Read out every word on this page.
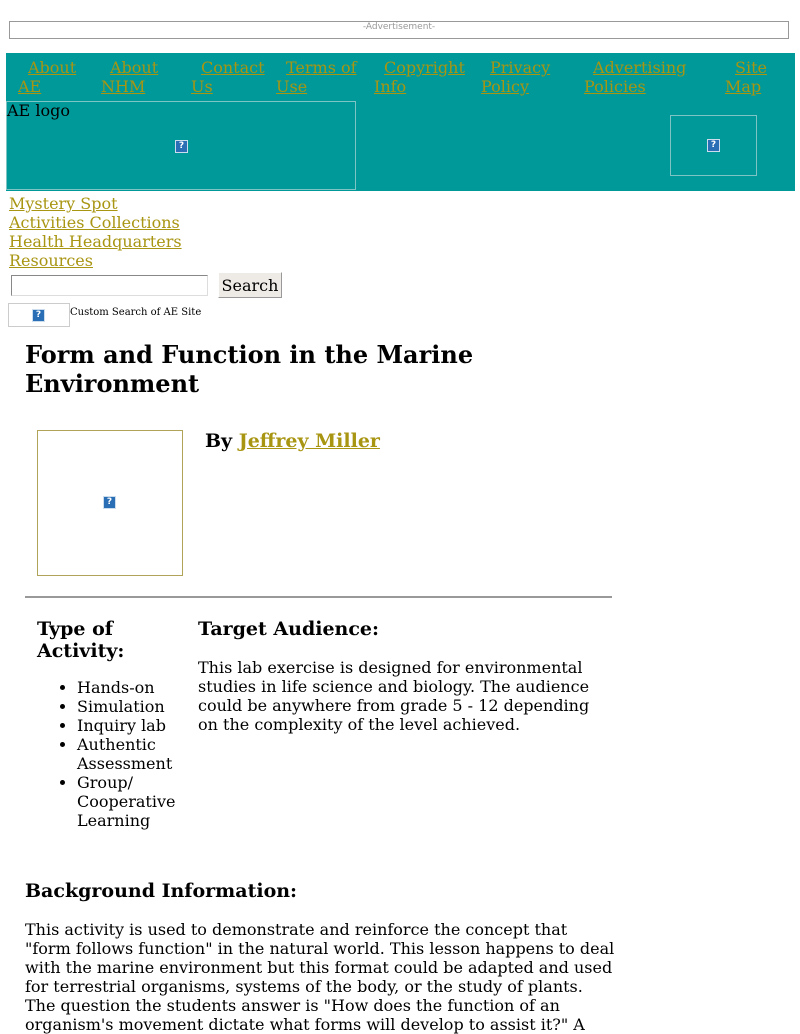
-Advertisement-
About
AE
About
NHM
Contact
Us
Terms of
Use
Copyright
Info
Privacy
Policy
Advertising
Policies
Site
Map
AE logo
?	?
Mystery Spot
Activities Collections
Health Headquarters
Resources
Search
?	Custom Search of AE Site
Form and Function in the Marine Environment
?
By Jeffrey Miller
Type of Activity:
• Hands-on
• Simulation
• Inquiry lab
• Authentic Assessment
• Group/ Cooperative Learning
Target Audience:

This lab exercise is designed for environmental studies in life science and biology. The audience could be anywhere from grade 5 - 12 depending on the complexity of the level achieved.

Background Information:

This activity is used to demonstrate and reinforce the concept that "form follows function" in the natural world. This lesson happens to deal with the marine environment but this format could be adapted and used for terrestrial organisms, systems of the body, or the study of plants. The question the students answer is "How does the function of an organism's movement dictate what forms will develop to assist it?" A
